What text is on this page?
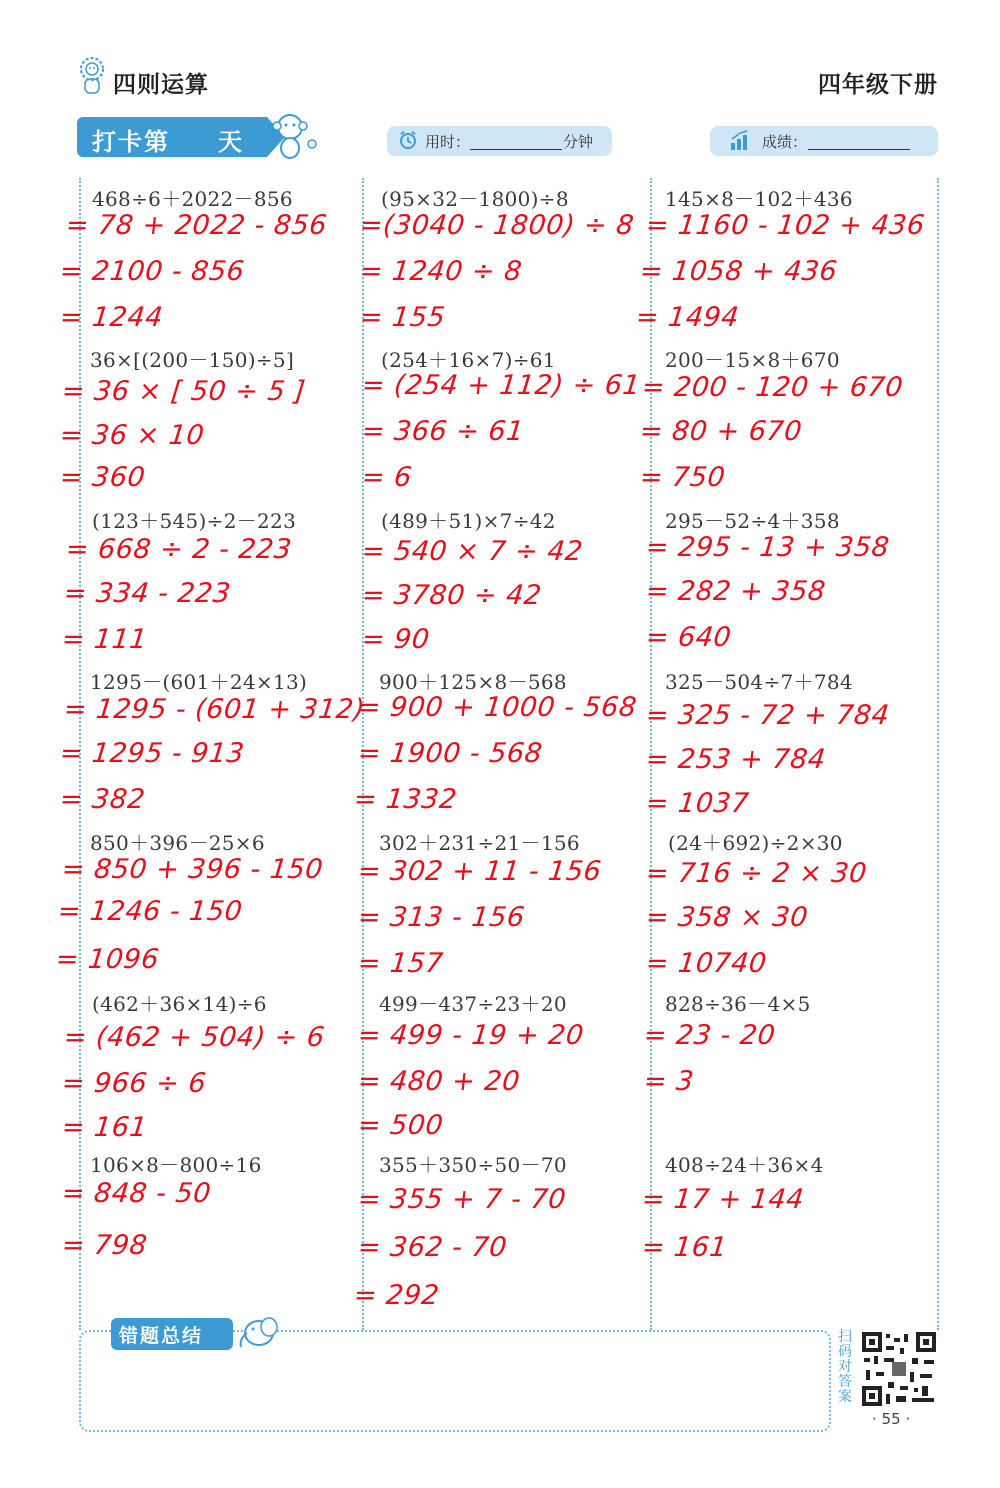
四则运算	四年级下册
打卡第 天	用时：	分钟	成绩：
468÷6＋2022－856
= 78 + 2022 - 856
= 2100 - 856
= 1244
(95×32－1800)÷8
=(3040 - 1800) ÷ 8
= 1240 ÷ 8
= 155
145×8－102＋436
= 1160 - 102 + 436
= 1058 + 436
= 1494
36×[(200－150)÷5]
= 36 × [ 50 ÷ 5 ]
= 36 × 10
= 360
(254＋16×7)÷61
= (254 + 112) ÷ 61
= 366 ÷ 61
= 6
200－15×8＋670
= 200 - 120 + 670
= 80 + 670
= 750
(123＋545)÷2－223
= 668 ÷ 2 - 223
= 334 - 223
= 111
(489＋51)×7÷42
= 540 × 7 ÷ 42
= 3780 ÷ 42
= 90
295－52÷4＋358
= 295 - 13 + 358
= 282 + 358
= 640
1295－(601＋24×13)
= 1295 - (601 + 312)
= 1295 - 913
= 382
900＋125×8－568
= 900 + 1000 - 568
= 1900 - 568
= 1332
325－504÷7＋784
= 325 - 72 + 784
= 253 + 784
= 1037
850＋396－25×6
= 850 + 396 - 150
= 1246 - 150
= 1096
302＋231÷21－156
= 302 + 11 - 156
= 313 - 156
= 157
(24＋692)÷2×30
= 716 ÷ 2 × 30
= 358 × 30
= 10740
(462＋36×14)÷6
= (462 + 504) ÷ 6
= 966 ÷ 6
= 161
499－437÷23＋20
= 499 - 19 + 20
= 480 + 20
= 500
828÷36－4×5
= 23 - 20
= 3
106×8－800÷16
= 848 - 50
= 798
355＋350÷50－70
= 355 + 7 - 70
= 362 - 70
= 292
408÷24＋36×4
= 17 + 144
= 161
错题总结	扫码对答案
· 55 ·
